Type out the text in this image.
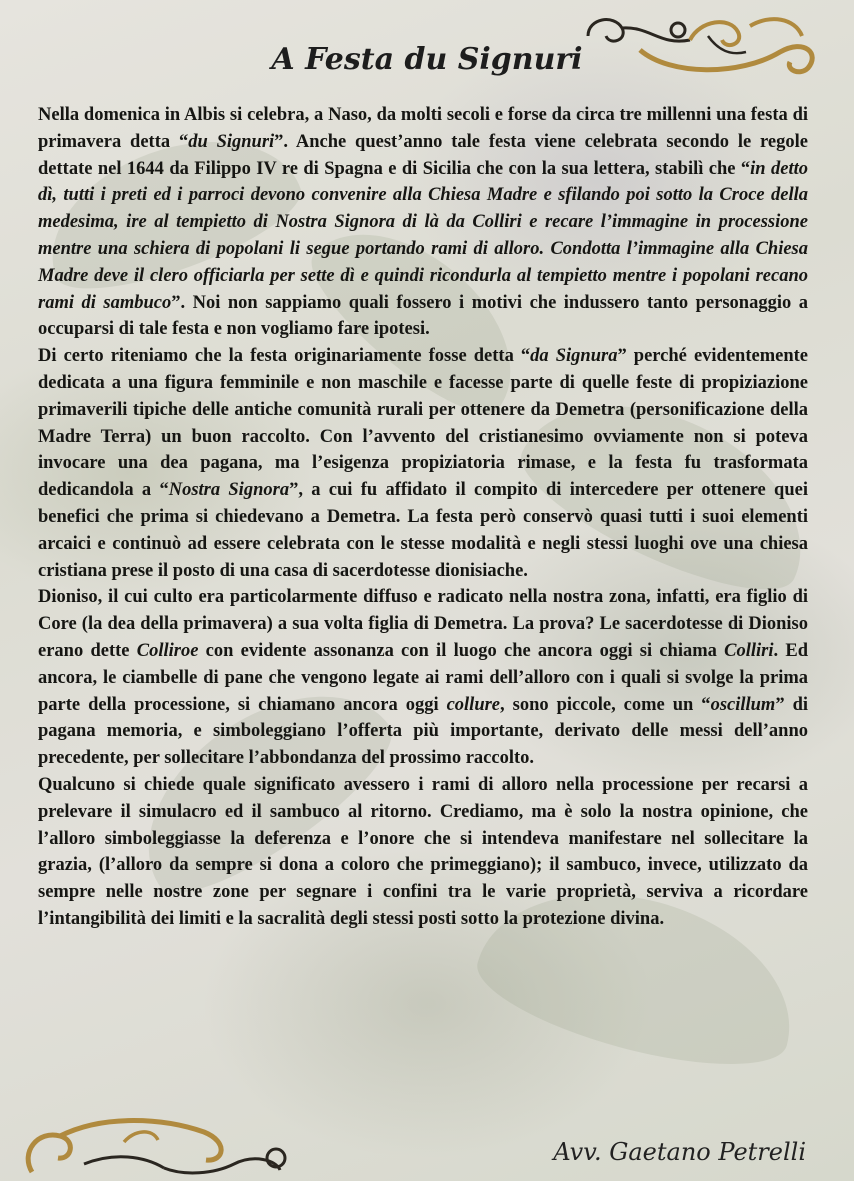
A Festa du Signuri

Nella domenica in Albis si celebra, a Naso, da molti secoli e forse da circa tre millenni una festa di primavera detta “du Signuri”. Anche quest’anno tale festa viene celebrata secondo le regole dettate nel 1644 da Filippo IV re di Spagna e di Sicilia che con la sua lettera, stabilì che “in detto dì, tutti i preti ed i parroci devono convenire alla Chiesa Madre e sfilando poi sotto la Croce della medesima, ire al tempietto di Nostra Signora di là da Colliri e recare l’immagine in processione mentre una schiera di popolani li segue portando rami di alloro. Condotta l’immagine alla Chiesa Madre deve il clero officiarla per sette dì e quindi ricondurla al tempietto mentre i popolani recano rami di sambuco”. Noi non sappiamo quali fossero i motivi che indussero tanto personaggio a occuparsi di tale festa e non vogliamo fare ipotesi.

Di certo riteniamo che la festa originariamente fosse detta “da Signura” perché evidentemente dedicata a una figura femminile e non maschile e facesse parte di quelle feste di propiziazione primaverili tipiche delle antiche comunità rurali per ottenere da Demetra (personificazione della Madre Terra) un buon raccolto. Con l’avvento del cristianesimo ovviamente non si poteva invocare una dea pagana, ma l’esigenza propiziatoria rimase, e la festa fu trasformata dedicandola a “Nostra Signora”, a cui fu affidato il compito di intercedere per ottenere quei benefici che prima si chiedevano a Demetra. La festa però conservò quasi tutti i suoi elementi arcaici e continuò ad essere celebrata con le stesse modalità e negli stessi luoghi ove una chiesa cristiana prese il posto di una casa di sacerdotesse dionisiache.

Dioniso, il cui culto era particolarmente diffuso e radicato nella nostra zona, infatti, era figlio di Core (la dea della primavera) a sua volta figlia di Demetra. La prova? Le sacerdotesse di Dioniso erano dette Colliroe con evidente assonanza con il luogo che ancora oggi si chiama Colliri. Ed ancora, le ciambelle di pane che vengono legate ai rami dell’alloro con i quali si svolge la prima parte della processione, si chiamano ancora oggi collure, sono piccole, come un “oscillum” di pagana memoria, e simboleggiano l’offerta più importante, derivato delle messi dell’anno precedente, per sollecitare l’abbondanza del prossimo raccolto.

Qualcuno si chiede quale significato avessero i rami di alloro nella processione per recarsi a prelevare il simulacro ed il sambuco al ritorno. Crediamo, ma è solo la nostra opinione, che l’alloro simboleggiasse la deferenza e l’onore che si intendeva manifestare nel sollecitare la grazia, (l’alloro da sempre si dona a coloro che primeggiano); il sambuco, invece, utilizzato da sempre nelle nostre zone per segnare i confini tra le varie proprietà, serviva a ricordare l’intangibilità dei limiti e la sacralità degli stessi posti sotto la protezione divina.

Avv. Gaetano Petrelli
